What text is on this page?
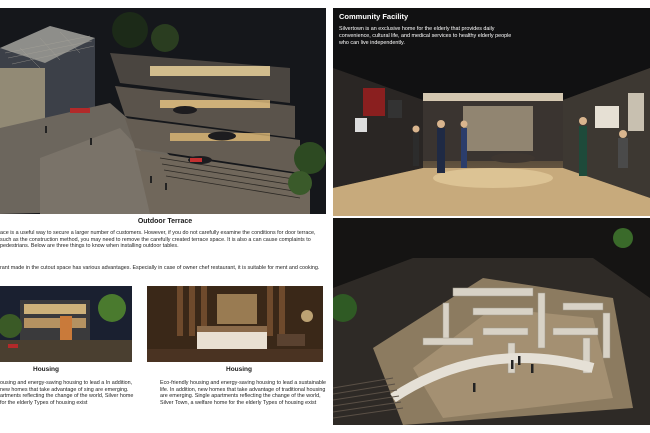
Community Facility
Silvertown is an exclusive home for the elderly that provides daily convenience, cultural life, and medical services to healthy elderly people who can live independently.
Outdoor Terrace
ace is a useful way to secure a larger number of customers. However, if you do not carefully examine the conditions for door terrace, such as the construction method, you may need to remove the carefully created terrace space. It is also a can cause complaints to pedestrians. Below are three things to know when installing outdoor tables.
rant made in the cutout space has various advantages. Especially in case of owner chef restaurant, it is suitable for ment and cooking.
Housing	Housing
ousing and energy-saving housing to lead a In addition, new homes that take advantage of sing are emerging. artments reflecting the change of the world, Silver home for the elderly Types of housing exist
Eco-friendly housing and energy-saving housing to lead a sustainable life. In addition, new homes that take advantage of traditional housing are emerging. Single apartments reflecting the change of the world, Silver Town, a welfare home for the elderly Types of housing exist
